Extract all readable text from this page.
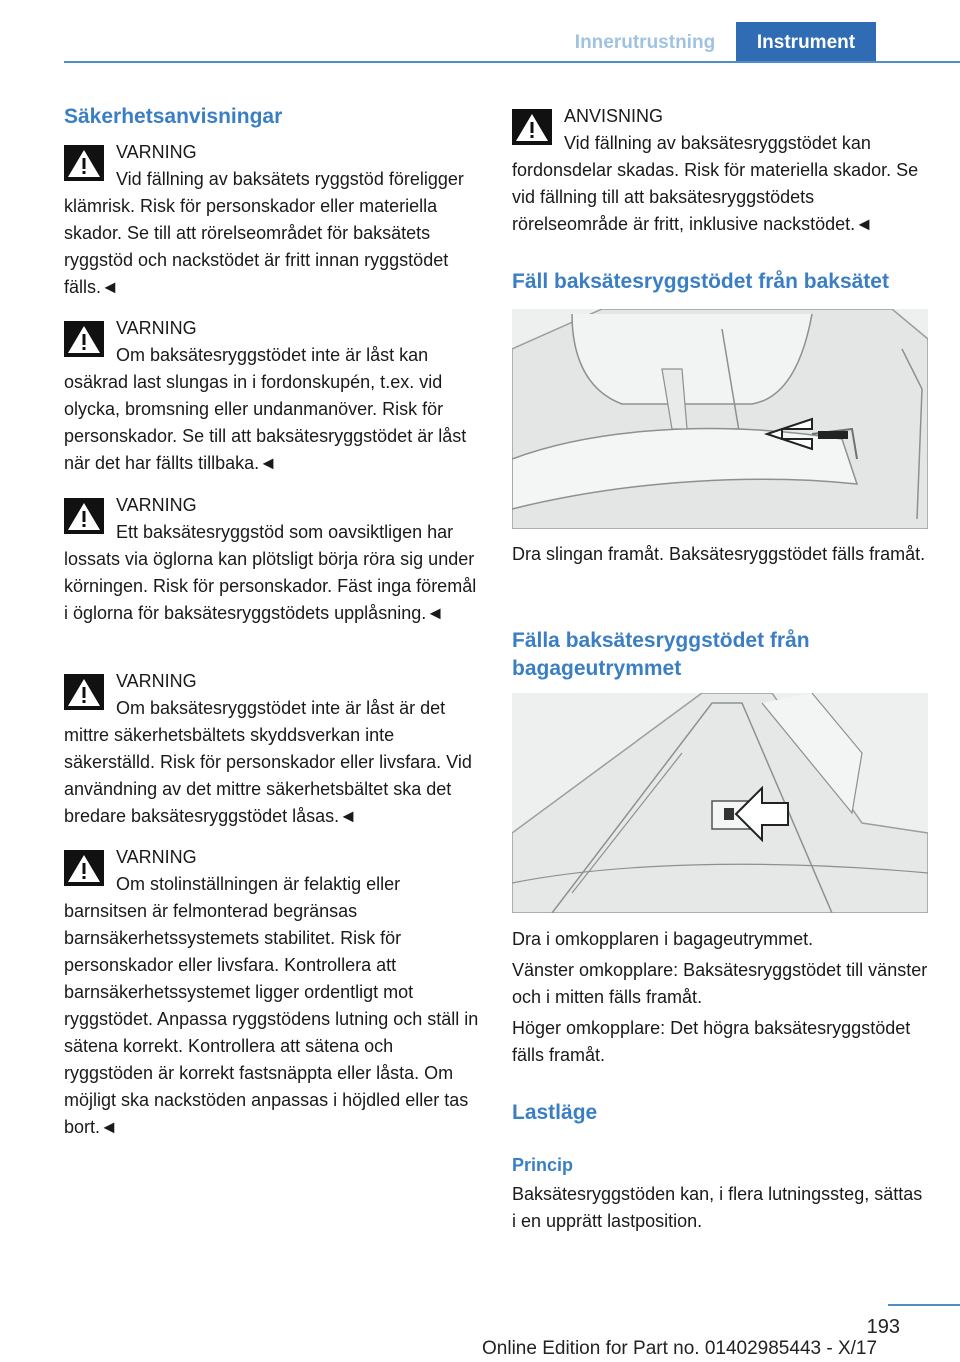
Innerutrustning	Instrument
Säkerhetsanvisningar
VARNING
Vid fällning av baksätets ryggstöd föreligger klämrisk. Risk för personskador eller materiella skador. Se till att rörelseområdet för baksätets ryggstöd och nackstödet är fritt innan ryggstödet fälls.◄
VARNING
Om baksätesryggstödet inte är låst kan osäkrad last slungas in i fordonskupén, t.ex. vid olycka, bromsning eller undanmanöver. Risk för personskador. Se till att baksätesryggstödet är låst när det har fällts tillbaka.◄
VARNING
Ett baksätesryggstöd som oavsiktligen har lossats via öglorna kan plötsligt börja röra sig under körningen. Risk för personskador. Fäst inga föremål i öglorna för baksätesryggstödets upplåsning.◄
VARNING
Om baksätesryggstödet inte är låst är det mittre säkerhetsbältets skyddsverkan inte säkerställd. Risk för personskador eller livsfara. Vid användning av det mittre säkerhetsbältet ska det bredare baksätesryggstödet låsas.◄
VARNING
Om stolinställningen är felaktig eller barnsitsen är felmonterad begränsas barnsäkerhetssystemets stabilitet. Risk för personskador eller livsfara. Kontrollera att barnsäkerhetssystemet ligger ordentligt mot ryggstödet. Anpassa ryggstödens lutning och ställ in sätena korrekt. Kontrollera att sätena och ryggstöden är korrekt fastsnäppta eller låsta. Om möjligt ska nackstöden anpassas i höjdled eller tas bort.◄
ANVISNING
Vid fällning av baksätesryggstödet kan fordonsdelar skadas. Risk för materiella skador. Se vid fällning till att baksätesryggstödets rörelseområde är fritt, inklusive nackstödet.◄
Fäll baksätesryggstödet från baksätet
Dra slingan framåt. Baksätesryggstödet fälls framåt.
Fälla baksätesryggstödet från bagageutrymmet
Dra i omkopplaren i bagageutrymmet.
Vänster omkopplare: Baksätesryggstödet till vänster och i mitten fälls framåt.
Höger omkopplare: Det högra baksätesryggstödet fälls framåt.
Lastläge
Princip
Baksätesryggstöden kan, i flera lutningssteg, sättas i en upprätt lastposition.
193
Online Edition for Part no. 01402985443 - X/17
